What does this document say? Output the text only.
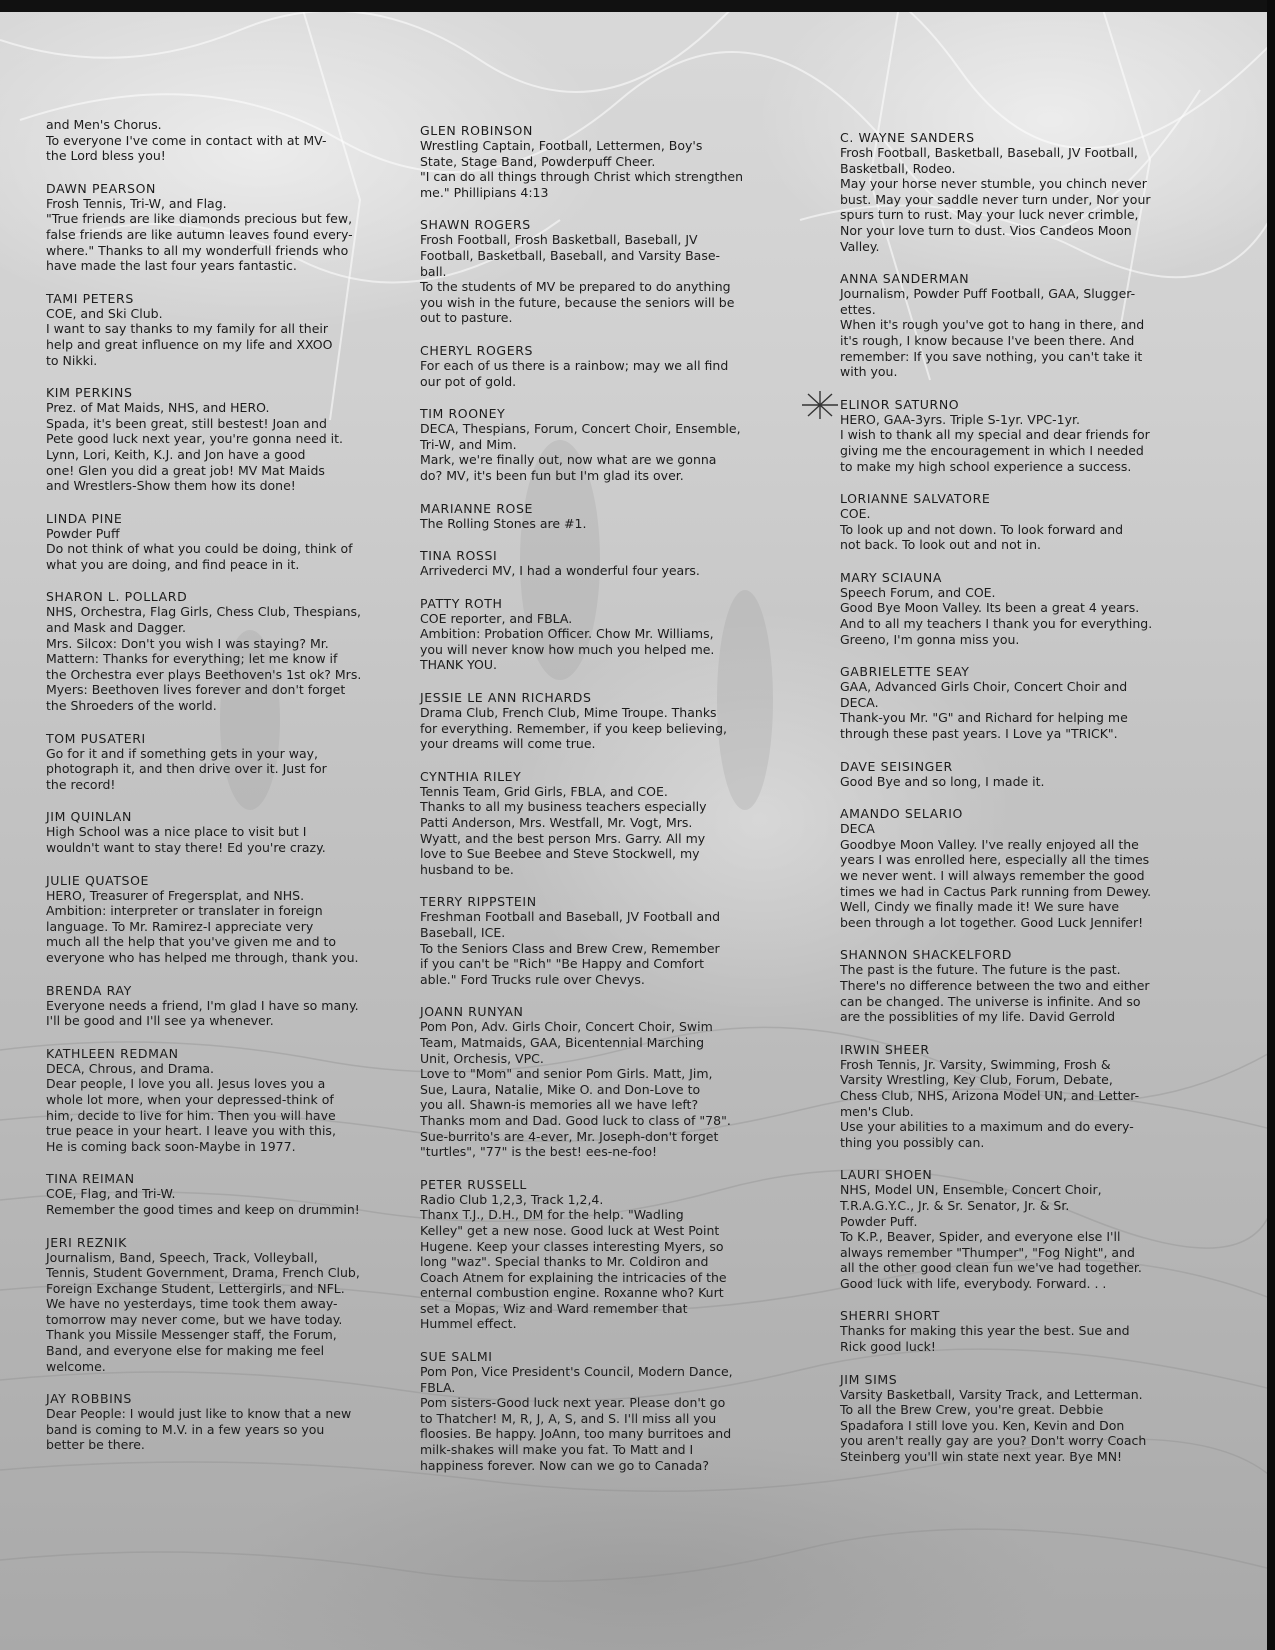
and Men's Chorus.
To everyone I've come in contact with at MV-
the Lord bless you!
DAWN PEARSON
Frosh Tennis, Tri-W, and Flag.
"True friends are like diamonds precious but few,
false friends are like autumn leaves found every-
where." Thanks to all my wonderfull friends who
have made the last four years fantastic.
TAMI PETERS
COE, and Ski Club.
I want to say thanks to my family for all their
help and great influence on my life and XXOO
to Nikki.
KIM PERKINS
Prez. of Mat Maids, NHS, and HERO.
Spada, it's been great, still bestest! Joan and
Pete good luck next year, you're gonna need it.
Lynn, Lori, Keith, K.J. and Jon have a good
one! Glen you did a great job! MV Mat Maids
and Wrestlers-Show them how its done!
LINDA PINE
Powder Puff
Do not think of what you could be doing, think of
what you are doing, and find peace in it.
SHARON L. POLLARD
NHS, Orchestra, Flag Girls, Chess Club, Thespians,
and Mask and Dagger.
Mrs. Silcox: Don't you wish I was staying? Mr.
Mattern: Thanks for everything; let me know if
the Orchestra ever plays Beethoven's 1st ok? Mrs.
Myers: Beethoven lives forever and don't forget
the Shroeders of the world.
TOM PUSATERI
Go for it and if something gets in your way,
photograph it, and then drive over it. Just for
the record!
JIM QUINLAN
High School was a nice place to visit but I
wouldn't want to stay there! Ed you're crazy.
JULIE QUATSOE
HERO, Treasurer of Fregersplat, and NHS.
Ambition: interpreter or translater in foreign
language. To Mr. Ramirez-I appreciate very
much all the help that you've given me and to
everyone who has helped me through, thank you.
BRENDA RAY
Everyone needs a friend, I'm glad I have so many.
I'll be good and I'll see ya whenever.
KATHLEEN REDMAN
DECA, Chrous, and Drama.
Dear people, I love you all. Jesus loves you a
whole lot more, when your depressed-think of
him, decide to live for him. Then you will have
true peace in your heart. I leave you with this,
He is coming back soon-Maybe in 1977.
TINA REIMAN
COE, Flag, and Tri-W.
Remember the good times and keep on drummin!
JERI REZNIK
Journalism, Band, Speech, Track, Volleyball,
Tennis, Student Government, Drama, French Club,
Foreign Exchange Student, Lettergirls, and NFL.
We have no yesterdays, time took them away-
tomorrow may never come, but we have today.
Thank you Missile Messenger staff, the Forum,
Band, and everyone else for making me feel
welcome.
JAY ROBBINS
Dear People: I would just like to know that a new
band is coming to M.V. in a few years so you
better be there.
GLEN ROBINSON
Wrestling Captain, Football, Lettermen, Boy's
State, Stage Band, Powderpuff Cheer.
"I can do all things through Christ which strengthen
me." Phillipians 4:13
SHAWN ROGERS
Frosh Football, Frosh Basketball, Baseball, JV
Football, Basketball, Baseball, and Varsity Base-
ball.
To the students of MV be prepared to do anything
you wish in the future, because the seniors will be
out to pasture.
CHERYL ROGERS
For each of us there is a rainbow; may we all find
our pot of gold.
TIM ROONEY
DECA, Thespians, Forum, Concert Choir, Ensemble,
Tri-W, and Mim.
Mark, we're finally out, now what are we gonna
do? MV, it's been fun but I'm glad its over.
MARIANNE ROSE
The Rolling Stones are #1.
TINA ROSSI
Arrivederci MV, I had a wonderful four years.
PATTY ROTH
COE reporter, and FBLA.
Ambition: Probation Officer. Chow Mr. Williams,
you will never know how much you helped me.
THANK YOU.
JESSIE LE ANN RICHARDS
Drama Club, French Club, Mime Troupe. Thanks
for everything. Remember, if you keep believing,
your dreams will come true.
CYNTHIA RILEY
Tennis Team, Grid Girls, FBLA, and COE.
Thanks to all my business teachers especially
Patti Anderson, Mrs. Westfall, Mr. Vogt, Mrs.
Wyatt, and the best person Mrs. Garry. All my
love to Sue Beebee and Steve Stockwell, my
husband to be.
TERRY RIPPSTEIN
Freshman Football and Baseball, JV Football and
Baseball, ICE.
To the Seniors Class and Brew Crew, Remember
if you can't be "Rich" "Be Happy and Comfort
able." Ford Trucks rule over Chevys.
JOANN RUNYAN
Pom Pon, Adv. Girls Choir, Concert Choir, Swim
Team, Matmaids, GAA, Bicentennial Marching
Unit, Orchesis, VPC.
Love to "Mom" and senior Pom Girls. Matt, Jim,
Sue, Laura, Natalie, Mike O. and Don-Love to
you all. Shawn-is memories all we have left?
Thanks mom and Dad. Good luck to class of "78".
Sue-burrito's are 4-ever, Mr. Joseph-don't forget
"turtles", "77" is the best! ees-ne-foo!
PETER RUSSELL
Radio Club 1,2,3, Track 1,2,4.
Thanx T.J., D.H., DM for the help. "Wadling
Kelley" get a new nose. Good luck at West Point
Hugene. Keep your classes interesting Myers, so
long "waz". Special thanks to Mr. Coldiron and
Coach Atnem for explaining the intricacies of the
enternal combustion engine. Roxanne who? Kurt
set a Mopas, Wiz and Ward remember that
Hummel effect.
SUE SALMI
Pom Pon, Vice President's Council, Modern Dance,
FBLA.
Pom sisters-Good luck next year. Please don't go
to Thatcher! M, R, J, A, S, and S. I'll miss all you
floosies. Be happy. JoAnn, too many burritoes and
milk-shakes will make you fat. To Matt and I
happiness forever. Now can we go to Canada?
C. WAYNE SANDERS
Frosh Football, Basketball, Baseball, JV Football,
Basketball, Rodeo.
May your horse never stumble, you chinch never
bust. May your saddle never turn under, Nor your
spurs turn to rust. May your luck never crimble,
Nor your love turn to dust. Vios Candeos Moon
Valley.
ANNA SANDERMAN
Journalism, Powder Puff Football, GAA, Slugger-
ettes.
When it's rough you've got to hang in there, and
it's rough, I know because I've been there. And
remember: If you save nothing, you can't take it
with you.
ELINOR SATURNO
HERO, GAA-3yrs. Triple S-1yr. VPC-1yr.
I wish to thank all my special and dear friends for
giving me the encouragement in which I needed
to make my high school experience a success.
LORIANNE SALVATORE
COE.
To look up and not down. To look forward and
not back. To look out and not in.
MARY SCIAUNA
Speech Forum, and COE.
Good Bye Moon Valley. Its been a great 4 years.
And to all my teachers I thank you for everything.
Greeno, I'm gonna miss you.
GABRIELETTE SEAY
GAA, Advanced Girls Choir, Concert Choir and
DECA.
Thank-you Mr. "G" and Richard for helping me
through these past years. I Love ya "TRICK".
DAVE SEISINGER
Good Bye and so long, I made it.
AMANDO SELARIO
DECA
Goodbye Moon Valley. I've really enjoyed all the
years I was enrolled here, especially all the times
we never went. I will always remember the good
times we had in Cactus Park running from Dewey.
Well, Cindy we finally made it! We sure have
been through a lot together. Good Luck Jennifer!
SHANNON SHACKELFORD
The past is the future. The future is the past.
There's no difference between the two and either
can be changed. The universe is infinite. And so
are the possiblities of my life. David Gerrold
IRWIN SHEER
Frosh Tennis, Jr. Varsity, Swimming, Frosh &
Varsity Wrestling, Key Club, Forum, Debate,
Chess Club, NHS, Arizona Model UN, and Letter-
men's Club.
Use your abilities to a maximum and do every-
thing you possibly can.
LAURI SHOEN
NHS, Model UN, Ensemble, Concert Choir,
T.R.A.G.Y.C., Jr. & Sr. Senator, Jr. & Sr.
Powder Puff.
To K.P., Beaver, Spider, and everyone else I'll
always remember "Thumper", "Fog Night", and
all the other good clean fun we've had together.
Good luck with life, everybody. Forward. . .
SHERRI SHORT
Thanks for making this year the best. Sue and
Rick good luck!
JIM SIMS
Varsity Basketball, Varsity Track, and Letterman.
To all the Brew Crew, you're great. Debbie
Spadafora I still love you. Ken, Kevin and Don
you aren't really gay are you? Don't worry Coach
Steinberg you'll win state next year. Bye MN!
